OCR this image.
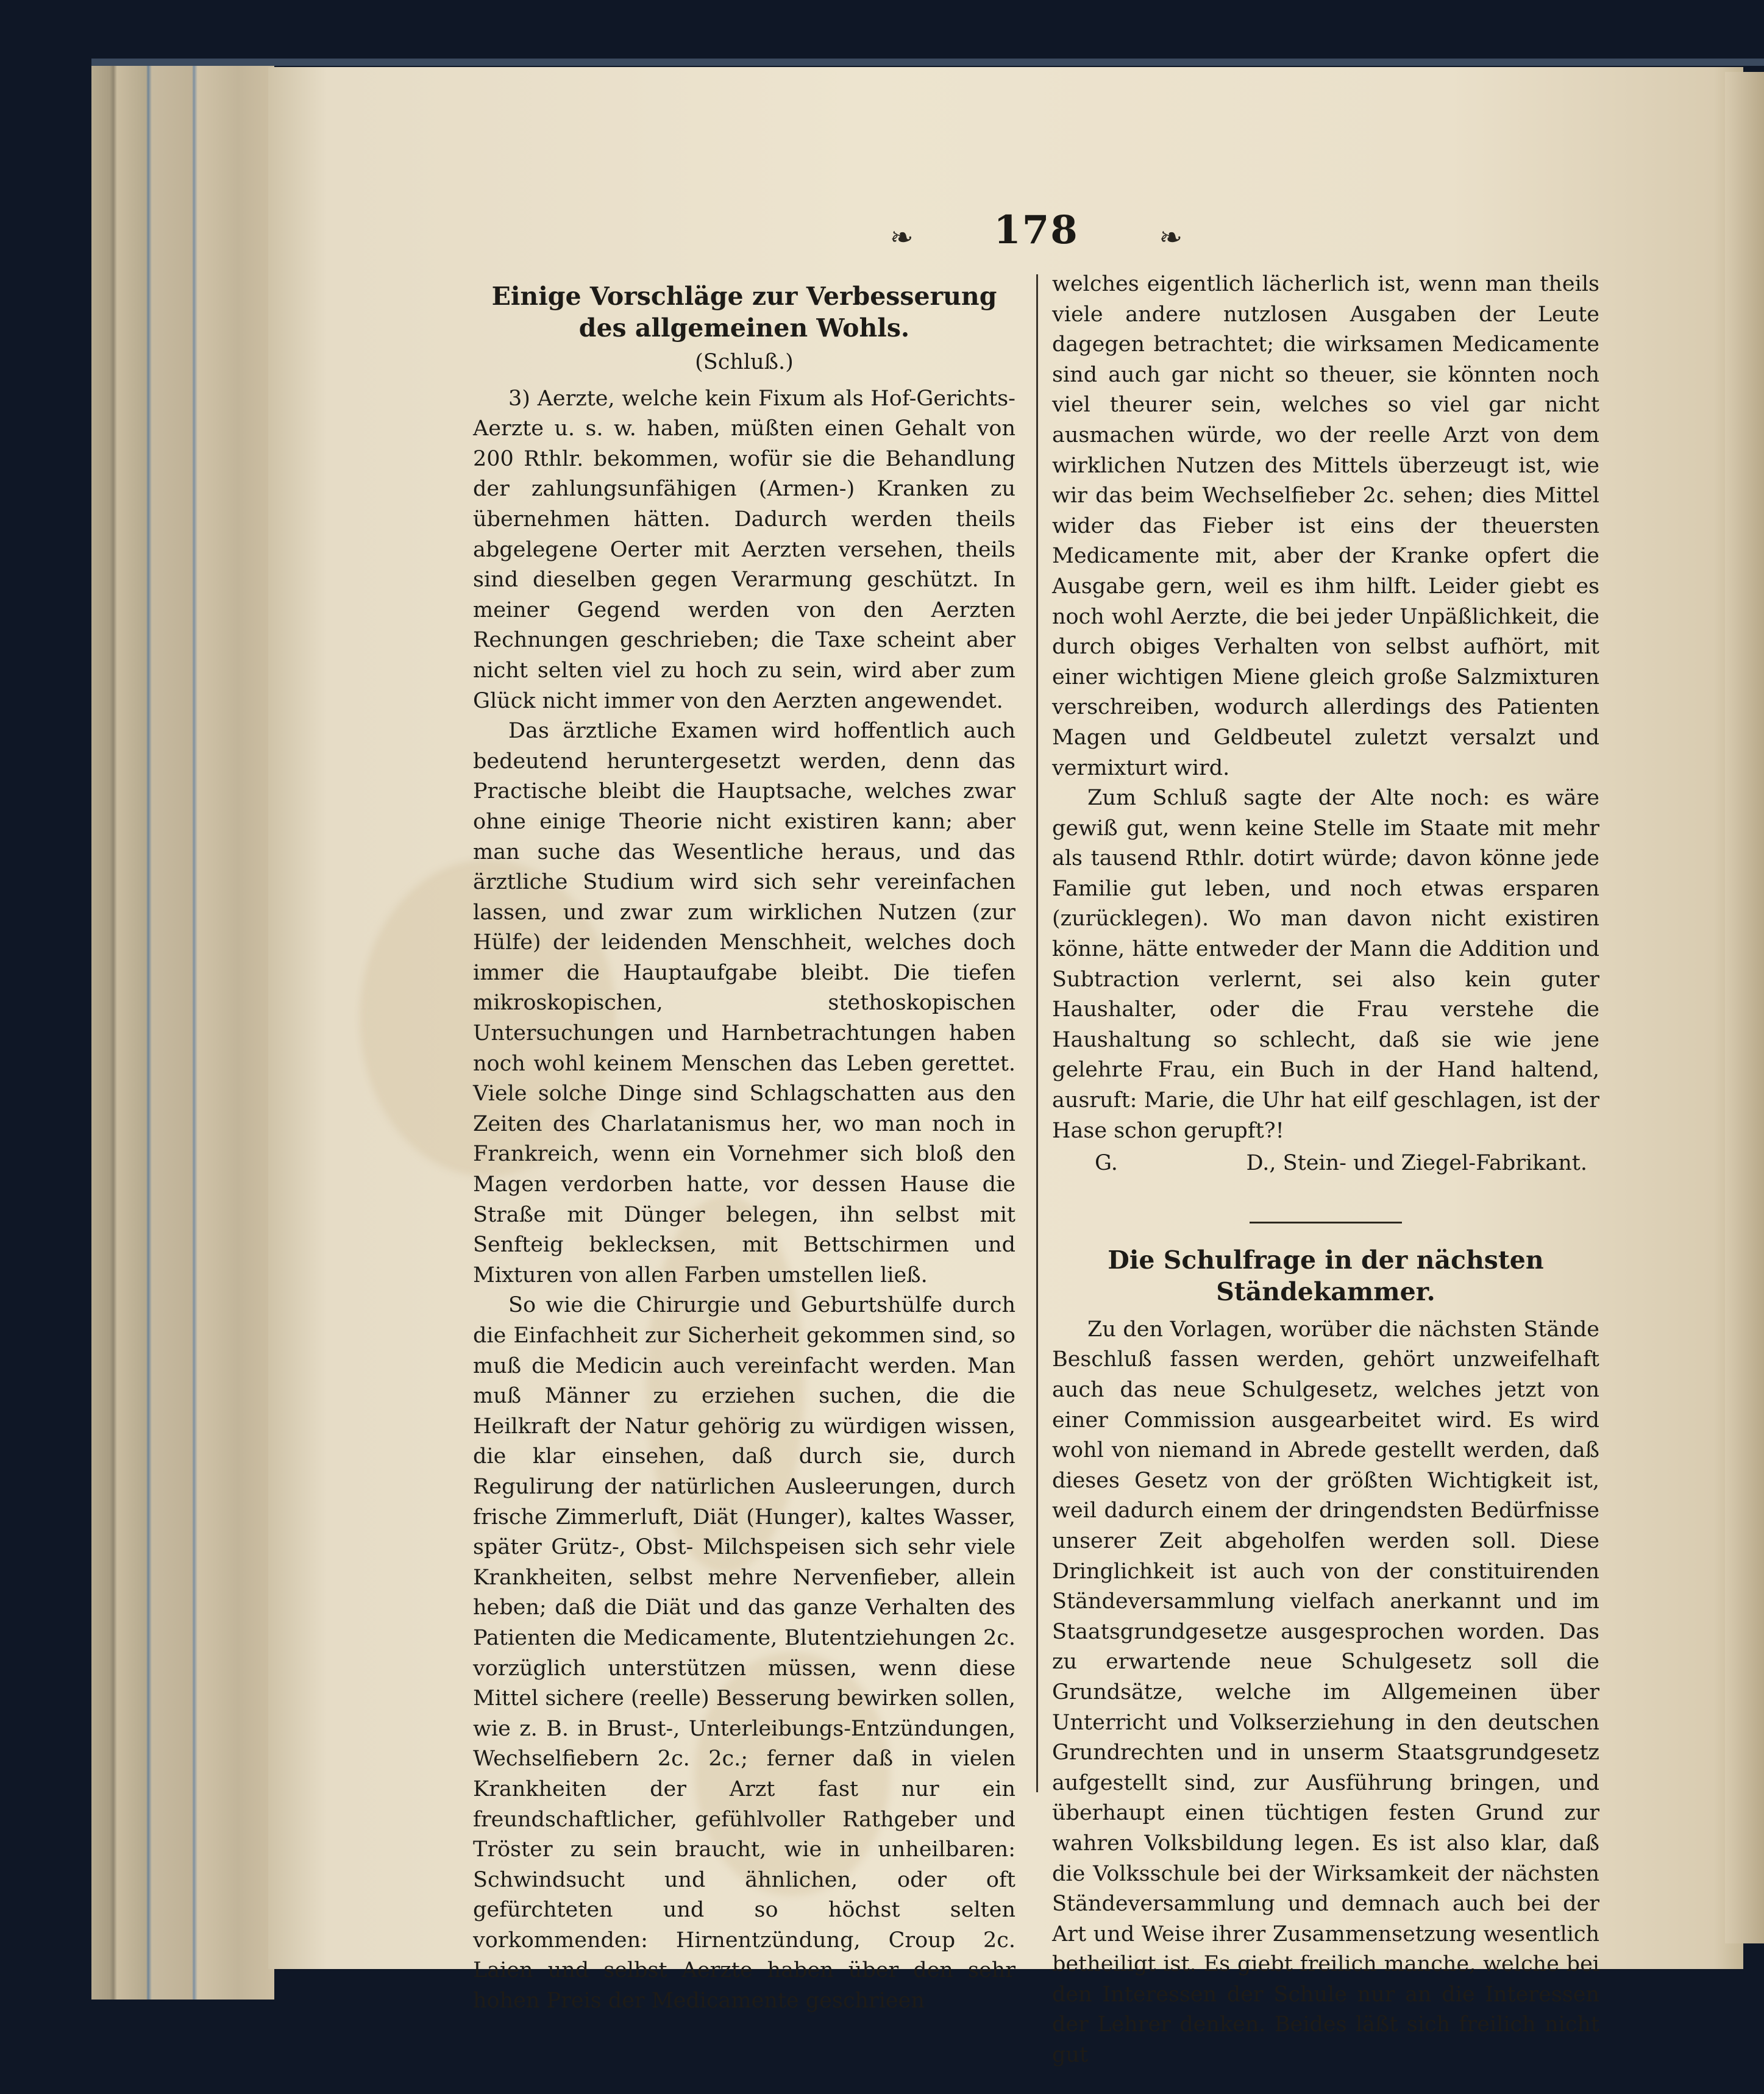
❧ 178	❧
Einige Vorschläge zur Verbesserung des allgemeinen Wohls.
(Schluß.)

3) Aerzte, welche kein Fixum als Hof-Gerichts-Aerzte u. s. w. haben, müßten einen Gehalt von 200 Rthlr. bekommen, wofür sie die Behandlung der zahlungsunfähigen (Armen-) Kranken zu übernehmen hätten. Dadurch werden theils abgelegene Oerter mit Aerzten versehen, theils sind dieselben gegen Verarmung geschützt. In meiner Gegend werden von den Aerzten Rechnungen geschrieben; die Taxe scheint aber nicht selten viel zu hoch zu sein, wird aber zum Glück nicht immer von den Aerzten angewendet.

Das ärztliche Examen wird hoffentlich auch bedeutend heruntergesetzt werden, denn das Practische bleibt die Hauptsache, welches zwar ohne einige Theorie nicht existiren kann; aber man suche das Wesentliche heraus, und das ärztliche Studium wird sich sehr vereinfachen lassen, und zwar zum wirklichen Nutzen (zur Hülfe) der leidenden Menschheit, welches doch immer die Hauptaufgabe bleibt. Die tiefen mikroskopischen, stethoskopischen Untersuchungen und Harnbetrachtungen haben noch wohl keinem Menschen das Leben gerettet. Viele solche Dinge sind Schlagschatten aus den Zeiten des Charlatanismus her, wo man noch in Frankreich, wenn ein Vornehmer sich bloß den Magen verdorben hatte, vor dessen Hause die Straße mit Dünger belegen, ihn selbst mit Senfteig beklecksen, mit Bettschirmen und Mixturen von allen Farben umstellen ließ.

So wie die Chirurgie und Geburtshülfe durch die Einfachheit zur Sicherheit gekommen sind, so muß die Medicin auch vereinfacht werden. Man muß Männer zu erziehen suchen, die die Heilkraft der Natur gehörig zu würdigen wissen, die klar einsehen, daß durch sie, durch Regulirung der natürlichen Ausleerungen, durch frische Zimmerluft, Diät (Hunger), kaltes Wasser, später Grütz-, Obst- Milchspeisen sich sehr viele Krankheiten, selbst mehre Nervenfieber, allein heben; daß die Diät und das ganze Verhalten des Patienten die Medicamente, Blutentziehungen 2c. vorzüglich unterstützen müssen, wenn diese Mittel sichere (reelle) Besserung bewirken sollen, wie z. B. in Brust-, Unterleibungs-Entzündungen, Wechselfiebern 2c. 2c.; ferner daß in vielen Krankheiten der Arzt fast nur ein freundschaftlicher, gefühlvoller Rathgeber und Tröster zu sein braucht, wie in unheilbaren: Schwindsucht und ähnlichen, oder oft gefürchteten und so höchst selten vorkommenden: Hirnentzündung, Croup 2c. Laien und selbst Aerzte haben über den sehr hohen Preis der Medicamente geschrieen

welches eigentlich lächerlich ist, wenn man theils viele andere nutzlosen Ausgaben der Leute dagegen betrachtet; die wirksamen Medicamente sind auch gar nicht so theuer, sie könnten noch viel theurer sein, welches so viel gar nicht ausmachen würde, wo der reelle Arzt von dem wirklichen Nutzen des Mittels überzeugt ist, wie wir das beim Wechselfieber 2c. sehen; dies Mittel wider das Fieber ist eins der theuersten Medicamente mit, aber der Kranke opfert die Ausgabe gern, weil es ihm hilft. Leider giebt es noch wohl Aerzte, die bei jeder Unpäßlichkeit, die durch obiges Verhalten von selbst aufhört, mit einer wichtigen Miene gleich große Salzmixturen verschreiben, wodurch allerdings des Patienten Magen und Geldbeutel zuletzt versalzt und vermixturt wird.

Zum Schluß sagte der Alte noch: es wäre gewiß gut, wenn keine Stelle im Staate mit mehr als tausend Rthlr. dotirt würde; davon könne jede Familie gut leben, und noch etwas ersparen (zurücklegen). Wo man davon nicht existiren könne, hätte entweder der Mann die Addition und Subtraction verlernt, sei also kein guter Haushalter, oder die Frau verstehe die Haushaltung so schlecht, daß sie wie jene gelehrte Frau, ein Buch in der Hand haltend, ausruft: Marie, die Uhr hat eilf geschlagen, ist der Hase schon gerupft?!

G.	D., Stein- und Ziegel-Fabrikant.
Die Schulfrage in der nächsten Ständekammer.

Zu den Vorlagen, worüber die nächsten Stände Beschluß fassen werden, gehört unzweifelhaft auch das neue Schulgesetz, welches jetzt von einer Commission ausgearbeitet wird. Es wird wohl von niemand in Abrede gestellt werden, daß dieses Gesetz von der größten Wichtigkeit ist, weil dadurch einem der dringendsten Bedürfnisse unserer Zeit abgeholfen werden soll. Diese Dringlichkeit ist auch von der constituirenden Ständeversammlung vielfach anerkannt und im Staatsgrundgesetze ausgesprochen worden. Das zu erwartende neue Schulgesetz soll die Grundsätze, welche im Allgemeinen über Unterricht und Volkserziehung in den deutschen Grundrechten und in unserm Staatsgrundgesetz aufgestellt sind, zur Ausführung bringen, und überhaupt einen tüchtigen festen Grund zur wahren Volksbildung legen. Es ist also klar, daß die Volksschule bei der Wirksamkeit der nächsten Ständeversammlung und demnach auch bei der Art und Weise ihrer Zusammensetzung wesentlich betheiligt ist. Es giebt freilich manche, welche bei den Interessen der Schule nur an die Interessen der Lehrer denken. Beides läßt sich freilich nicht gut
